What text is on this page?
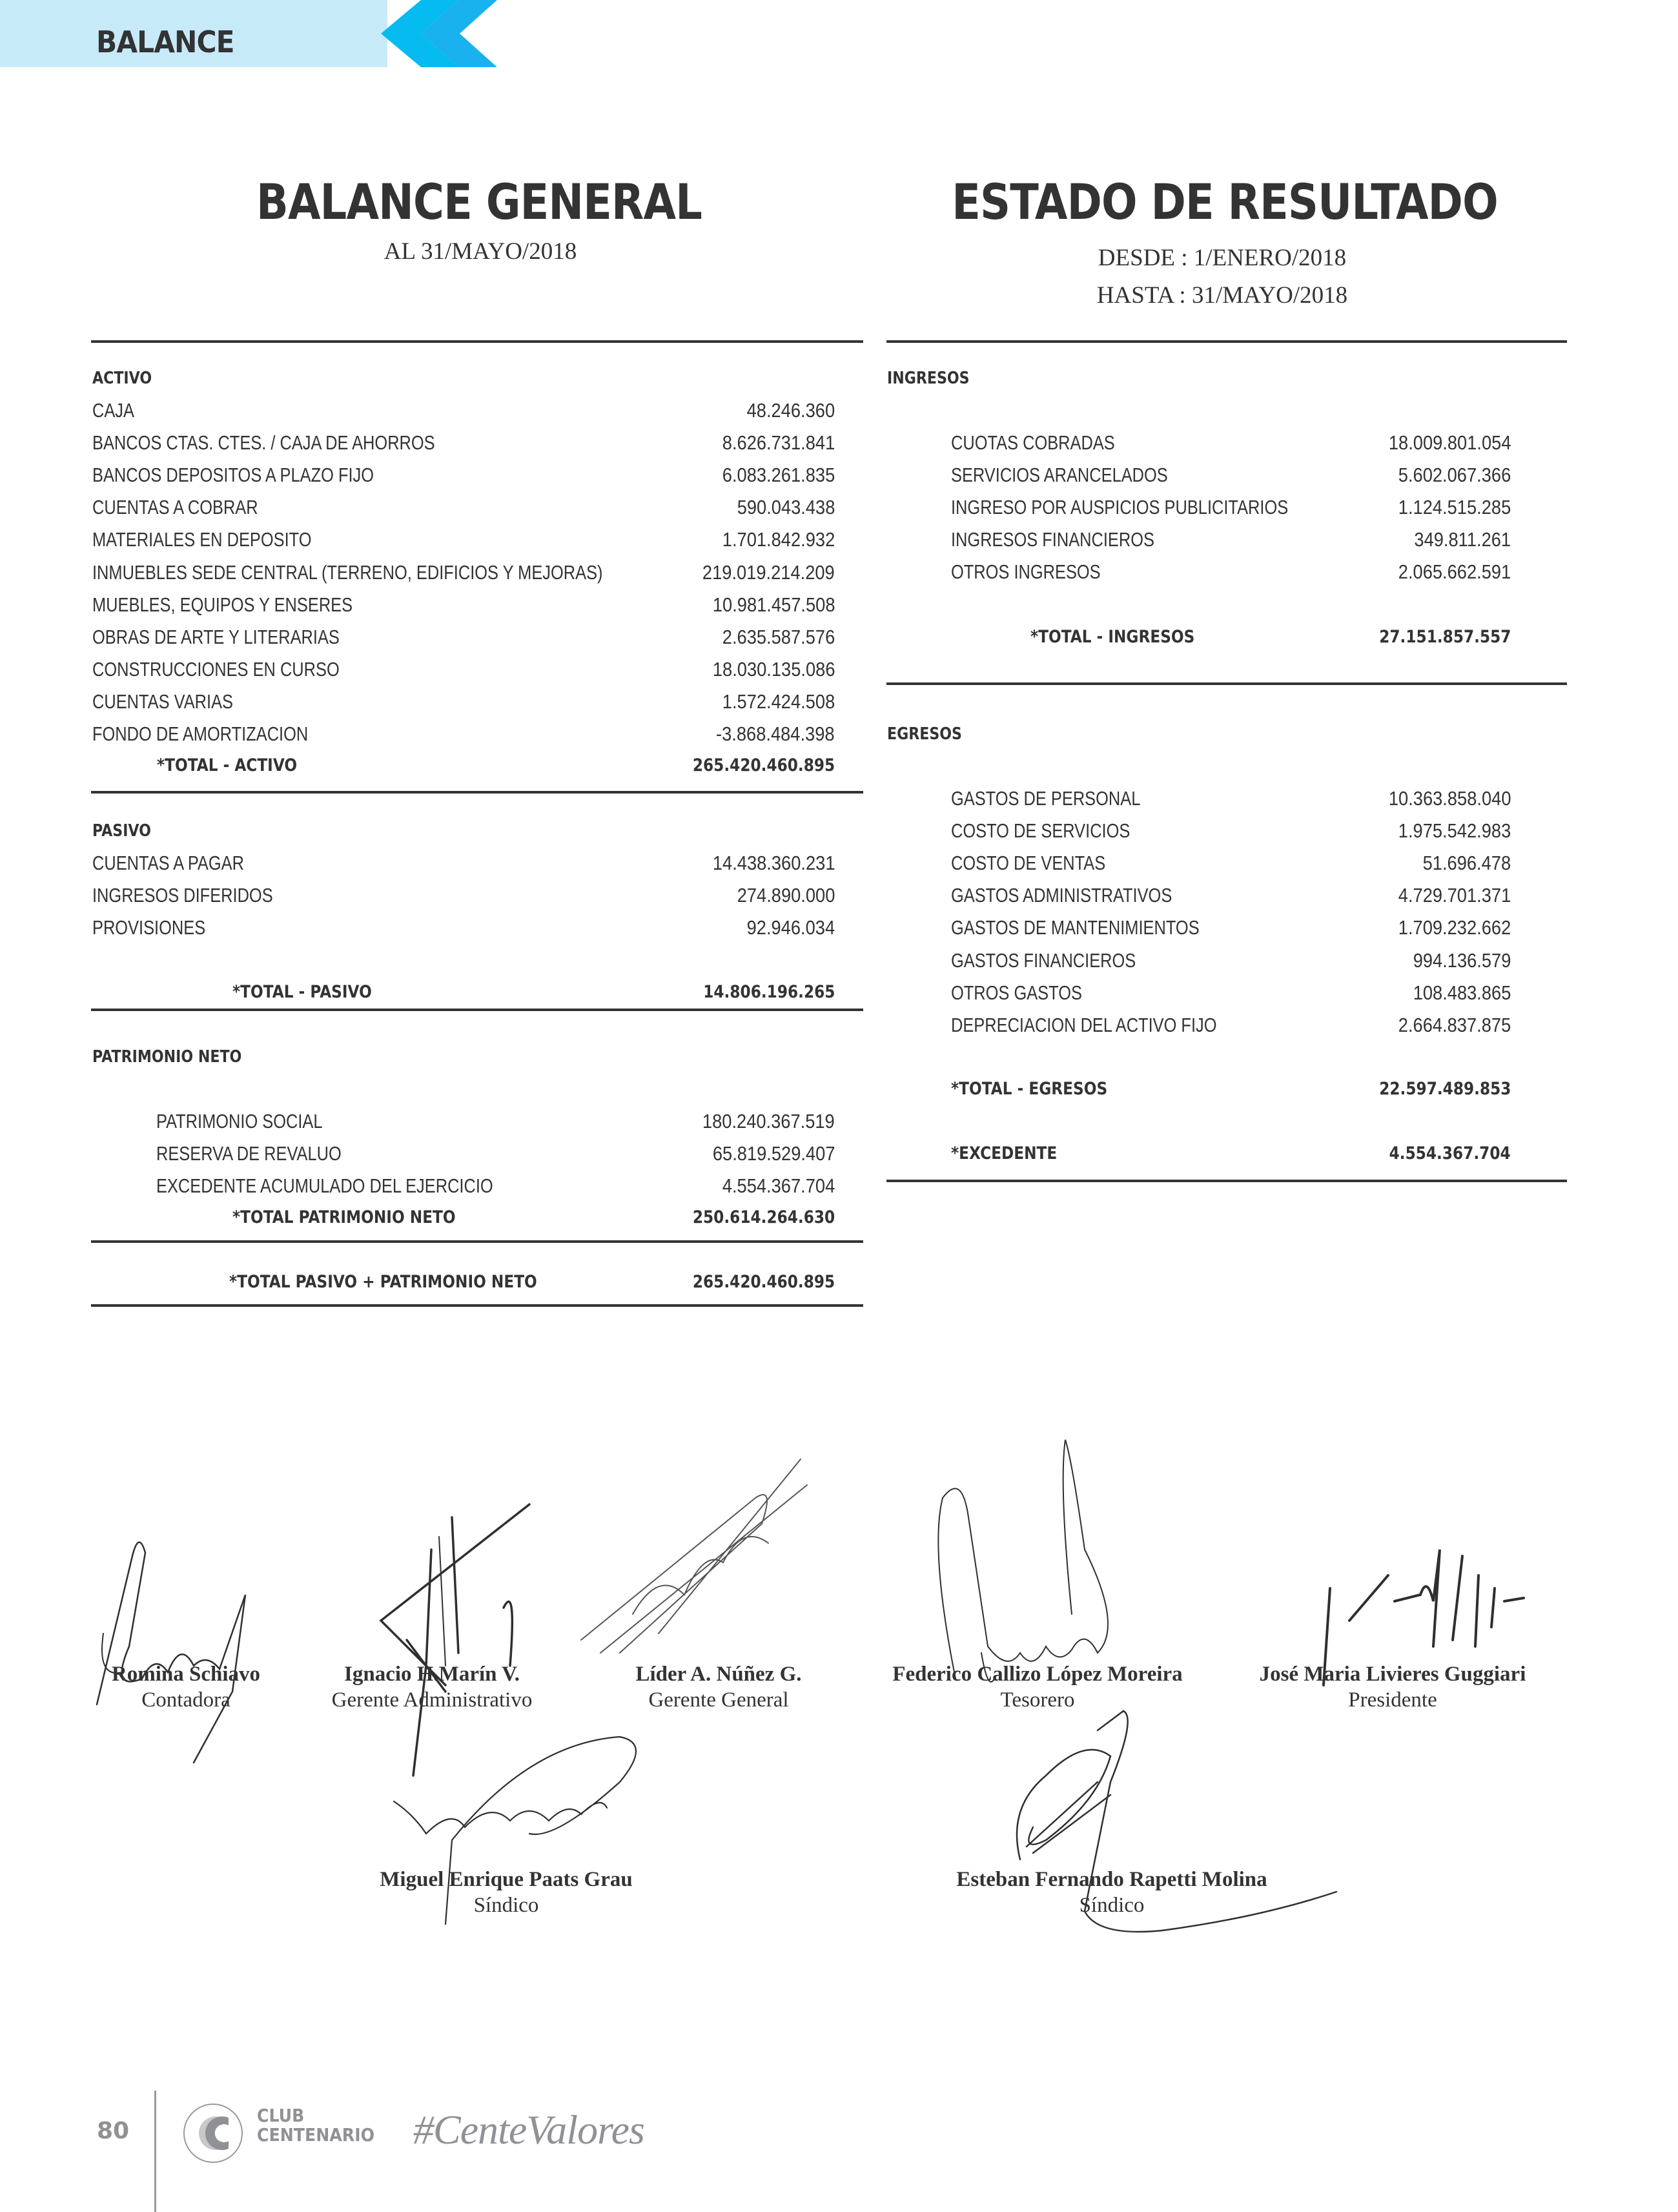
BALANCE
BALANCE GENERAL
AL 31/MAYO/2018
ESTADO DE RESULTADO
DESDE : 1/ENERO/2018
HASTA : 31/MAYO/2018
ACTIVO
CAJA	48.246.360
BANCOS CTAS. CTES. / CAJA DE AHORROS	8.626.731.841
BANCOS DEPOSITOS A PLAZO FIJO	6.083.261.835
CUENTAS A COBRAR	590.043.438
MATERIALES EN DEPOSITO	1.701.842.932
INMUEBLES SEDE CENTRAL (TERRENO, EDIFICIOS Y MEJORAS)	219.019.214.209
MUEBLES, EQUIPOS Y ENSERES	10.981.457.508
OBRAS DE ARTE Y LITERARIAS	2.635.587.576
CONSTRUCCIONES EN CURSO	18.030.135.086
CUENTAS VARIAS	1.572.424.508
FONDO DE AMORTIZACION	-3.868.484.398
*TOTAL - ACTIVO	265.420.460.895
PASIVO
CUENTAS A PAGAR	14.438.360.231
INGRESOS DIFERIDOS	274.890.000
PROVISIONES	92.946.034
*TOTAL - PASIVO	14.806.196.265
PATRIMONIO NETO
PATRIMONIO SOCIAL	180.240.367.519
RESERVA DE REVALUO	65.819.529.407
EXCEDENTE ACUMULADO DEL EJERCICIO	4.554.367.704
*TOTAL PATRIMONIO NETO	250.614.264.630
*TOTAL PASIVO + PATRIMONIO NETO	265.420.460.895
INGRESOS
CUOTAS COBRADAS	18.009.801.054
SERVICIOS ARANCELADOS	5.602.067.366
INGRESO POR AUSPICIOS PUBLICITARIOS	1.124.515.285
INGRESOS FINANCIEROS	349.811.261
OTROS INGRESOS	2.065.662.591
*TOTAL - INGRESOS	27.151.857.557
EGRESOS
GASTOS DE PERSONAL	10.363.858.040
COSTO DE SERVICIOS	1.975.542.983
COSTO DE VENTAS	51.696.478
GASTOS ADMINISTRATIVOS	4.729.701.371
GASTOS DE MANTENIMIENTOS	1.709.232.662
GASTOS FINANCIEROS	994.136.579
OTROS GASTOS	108.483.865
DEPRECIACION DEL ACTIVO FIJO	2.664.837.875
*TOTAL - EGRESOS	22.597.489.853
*EXCEDENTE	4.554.367.704
Romina Schiavo
Contadora
Ignacio H.Marín V.
Gerente Administrativo
Líder A. Núñez G.
Gerente General
Federico Callizo López Moreira
Tesorero
José Maria Livieres Guggiari
Presidente
Miguel Enrique Paats Grau
Síndico
Esteban Fernando Rapetti Molina
Síndico
80
CLUB
CENTENARIO #CenteValores
